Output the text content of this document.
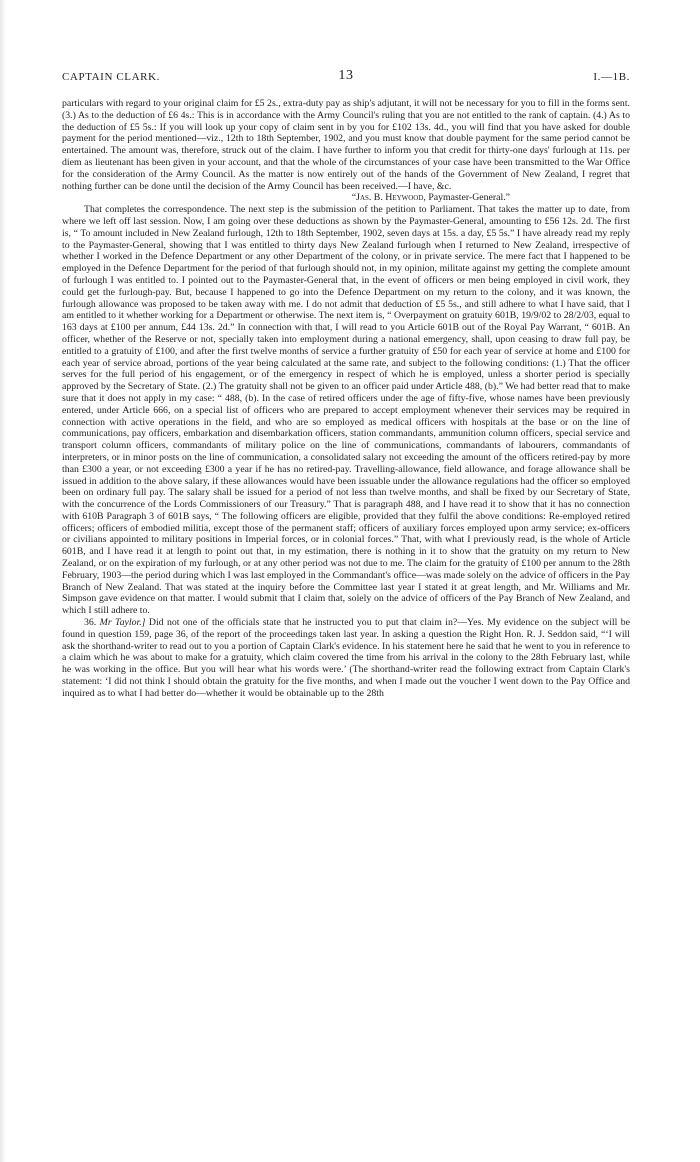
CAPTAIN CLARK.	13	I.—1B.

particulars with regard to your original claim for £5 2s., extra-duty pay as ship's adjutant, it will not be necessary for you to fill in the forms sent. (3.) As to the deduction of £6 4s.: This is in accordance with the Army Council's ruling that you are not entitled to the rank of captain. (4.) As to the deduction of £5 5s.: If you will look up your copy of claim sent in by you for £102 13s. 4d., you will find that you have asked for double payment for the period mentioned—viz., 12th to 18th September, 1902, and you must know that double payment for the same period cannot be entertained. The amount was, therefore, struck out of the claim. I have further to inform you that credit for thirty-one days' furlough at 11s. per diem as lieutenant has been given in your account, and that the whole of the circumstances of your case have been transmitted to the War Office for the consideration of the Army Council. As the matter is now entirely out of the hands of the Government of New Zealand, I regret that nothing further can be done until the decision of the Army Council has been received.—I have, &c.

“Jas. B. Heywood, Paymaster-General.”

That completes the correspondence. The next step is the submission of the petition to Parliament. That takes the matter up to date, from where we left off last session. Now, I am going over these deductions as shown by the Paymaster-General, amounting to £56 12s. 2d. The first is, “ To amount included in New Zealand furlough, 12th to 18th September, 1902, seven days at 15s. a day, £5 5s.” I have already read my reply to the Paymaster-General, showing that I was entitled to thirty days New Zealand furlough when I returned to New Zealand, irrespective of whether I worked in the Defence Department or any other Department of the colony, or in private service. The mere fact that I happened to be employed in the Defence Department for the period of that furlough should not, in my opinion, militate against my getting the complete amount of furlough I was entitled to. I pointed out to the Paymaster-General that, in the event of officers or men being employed in civil work, they could get the furlough-pay. But, because I happened to go into the Defence Department on my return to the colony, and it was known, the furlough allowance was proposed to be taken away with me. I do not admit that deduction of £5 5s., and still adhere to what I have said, that I am entitled to it whether working for a Department or otherwise. The next item is, “ Overpayment on gratuity 601B, 19/9/02 to 28/2/03, equal to 163 days at £100 per annum, £44 13s. 2d.” In connection with that, I will read to you Article 601B out of the Royal Pay Warrant, “ 601B. An officer, whether of the Reserve or not, specially taken into employment during a national emergency, shall, upon ceasing to draw full pay, be entitled to a gratuity of £100, and after the first twelve months of service a further gratuity of £50 for each year of service at home and £100 for each year of service abroad, portions of the year being calculated at the same rate, and subject to the following conditions: (1.) That the officer serves for the full period of his engagement, or of the emergency in respect of which he is employed, unless a shorter period is specially approved by the Secretary of State. (2.) The gratuity shall not be given to an officer paid under Article 488, (b).” We had better read that to make sure that it does not apply in my case: “ 488, (b). In the case of retired officers under the age of fifty-five, whose names have been previously entered, under Article 666, on a special list of officers who are prepared to accept employment whenever their services may be required in connection with active operations in the field, and who are so employed as medical officers with hospitals at the base or on the line of communications, pay officers, embarkation and disembarkation officers, station commandants, ammunition column officers, special service and transport column officers, commandants of military police on the line of communications, commandants of labourers, commandants of interpreters, or in minor posts on the line of communication, a consolidated salary not exceeding the amount of the officers retired-pay by more than £300 a year, or not exceeding £300 a year if he has no retired-pay. Travelling-allowance, field allowance, and forage allowance shall be issued in addition to the above salary, if these allowances would have been issuable under the allowance regulations had the officer so employed been on ordinary full pay. The salary shall be issued for a period of not less than twelve months, and shall be fixed by our Secretary of State, with the concurrence of the Lords Commissioners of our Treasury.” That is paragraph 488, and I have read it to show that it has no connection with 610B Paragraph 3 of 601B says, “ The following officers are eligible, provided that they fulfil the above conditions: Re-employed retired officers; officers of embodied militia, except those of the permanent staff; officers of auxiliary forces employed upon army service; ex-officers or civilians appointed to military positions in Imperial forces, or in colonial forces.” That, with what I previously read, is the whole of Article 601B, and I have read it at length to point out that, in my estimation, there is nothing in it to show that the gratuity on my return to New Zealand, or on the expiration of my furlough, or at any other period was not due to me. The claim for the gratuity of £100 per annum to the 28th February, 1903—the period during which I was last employed in the Commandant's office—was made solely on the advice of officers in the Pay Branch of New Zealand. That was stated at the inquiry before the Committee last year I stated it at great length, and Mr. Williams and Mr. Simpson gave evidence on that matter. I would submit that I claim that, solely on the advice of officers of the Pay Branch of New Zealand, and which I still adhere to.

36. Mr Taylor.] Did not one of the officials state that he instructed you to put that claim in?—Yes. My evidence on the subject will be found in question 159, page 36, of the report of the proceedings taken last year. In asking a question the Right Hon. R. J. Seddon said, “‘I will ask the shorthand-writer to read out to you a portion of Captain Clark's evidence. In his statement here he said that he went to you in reference to a claim which he was about to make for a gratuity, which claim covered the time from his arrival in the colony to the 28th February last, while he was working in the office. But you will hear what his words were.’ (The shorthand-writer read the following extract from Captain Clark's statement: ‘I did not think I should obtain the gratuity for the five months, and when I made out the voucher I went down to the Pay Office and inquired as to what I had better do—whether it would be obtainable up to the 28th
